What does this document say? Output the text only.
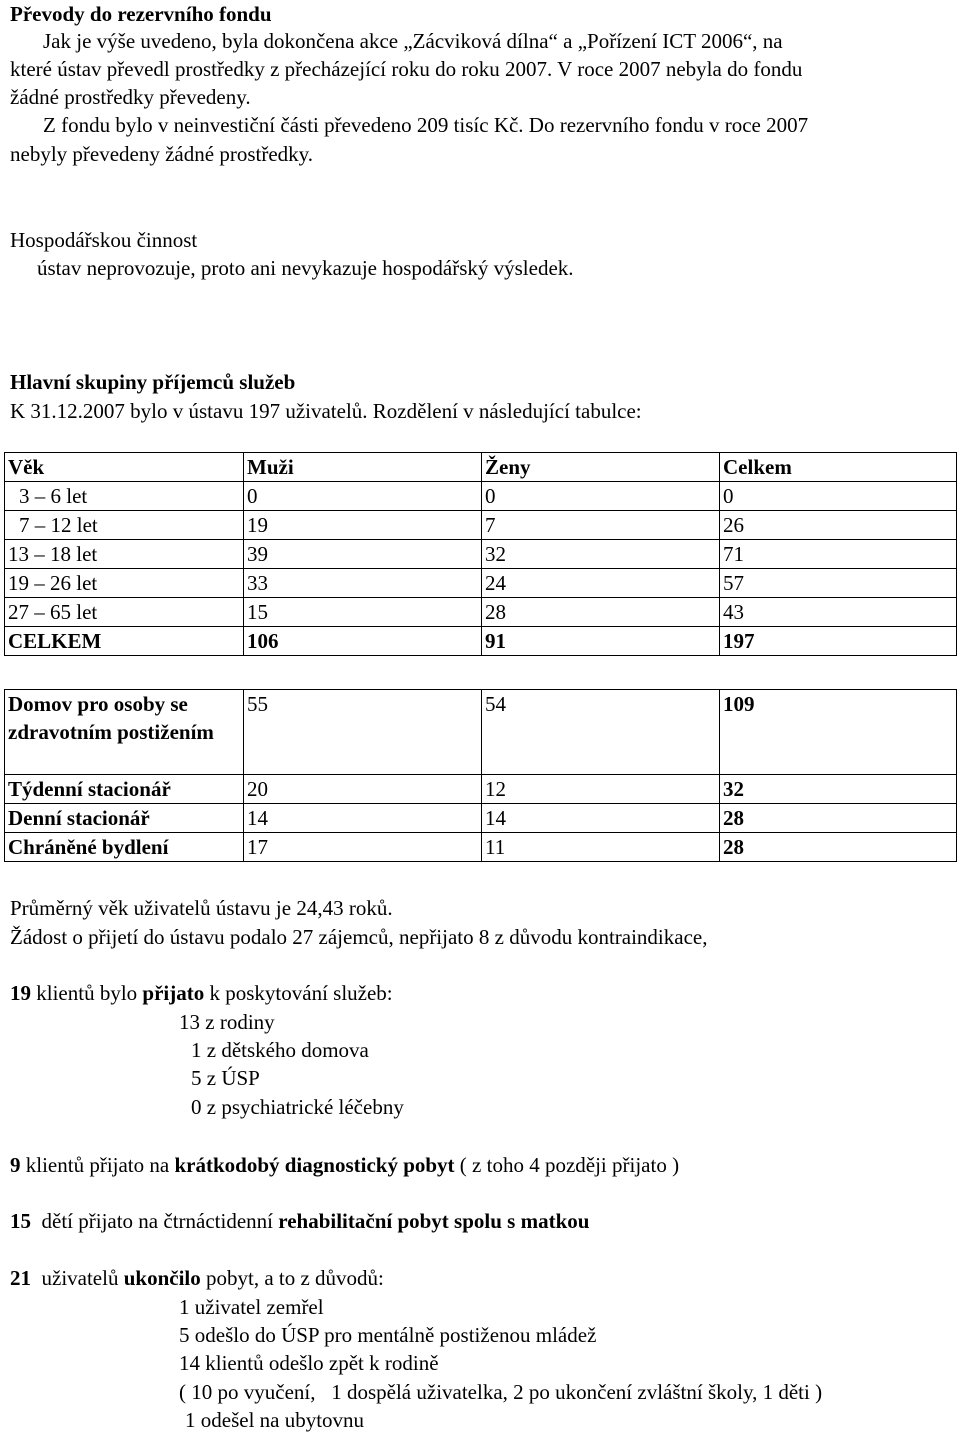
Převody do rezervního fondu
Jak je výše uvedeno, byla dokončena akce „Zácviková dílna“ a „Pořízení ICT 2006“, na
které ústav převedl prostředky z přecházející roku do roku 2007. V roce 2007 nebyla do fondu
žádné prostředky převedeny.
Z fondu bylo v neinvestiční části převedeno 209 tisíc Kč. Do rezervního fondu v roce 2007
nebyly převedeny žádné prostředky.
Hospodářskou činnost
ústav neprovozuje, proto ani nevykazuje hospodářský výsledek.
Hlavní skupiny příjemců služeb
K 31.12.2007 bylo v ústavu 197 uživatelů. Rozdělení v následující tabulce:
Věk	Muži	Ženy	Celkem
3 – 6 let	0	0	0
7 – 12 let	19	7	26
13 – 18 let	39	32	71
19 – 26 let	33	24	57
27 – 65 let	15	28	43
CELKEM	106	91	197
Domov pro osoby se zdravotním postižením	55	54	109
Týdenní stacionář	20	12	32
Denní stacionář	14	14	28
Chráněné bydlení	17	11	28
Průměrný věk uživatelů ústavu je 24,43 roků.
Žádost o přijetí do ústavu podalo 27 zájemců, nepřijato 8 z důvodu kontraindikace,
19 klientů bylo přijato k poskytování služeb:
13 z rodiny
1 z dětského domova
5 z ÚSP
0 z psychiatrické léčebny
9 klientů přijato na krátkodobý diagnostický pobyt ( z toho 4 později přijato )
15 dětí přijato na čtrnáctidenní rehabilitační pobyt spolu s matkou
21 uživatelů ukončilo pobyt, a to z důvodů:
1 uživatel zemřel
5 odešlo do ÚSP pro mentálně postiženou mládež
14 klientů odešlo zpět k rodině
( 10 po vyučení,   1 dospělá uživatelka, 2 po ukončení zvláštní školy, 1 děti )
1 odešel na ubytovnu
